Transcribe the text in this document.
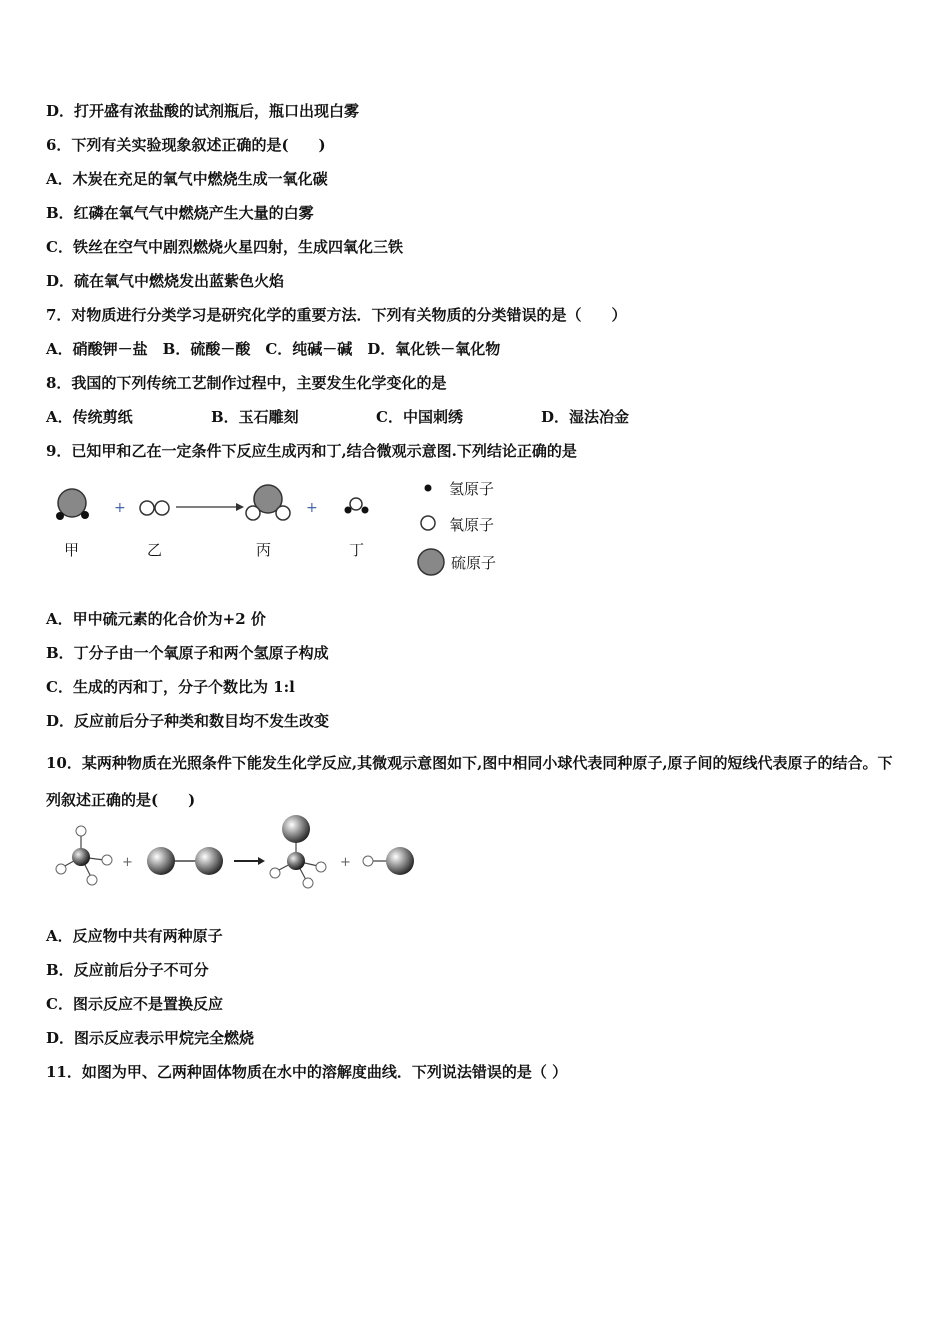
D．打开盛有浓盐酸的试剂瓶后，瓶口出现白雾
6．下列有关实验现象叙述正确的是(　　)
A．木炭在充足的氧气中燃烧生成一氧化碳
B．红磷在氧气气中燃烧产生大量的白雾
C．铁丝在空气中剧烈燃烧火星四射，生成四氧化三铁
D．硫在氧气中燃烧发出蓝紫色火焰
7．对物质进行分类学习是研究化学的重要方法．下列有关物质的分类错误的是（　　）
A．硝酸钾－盐　B．硫酸－酸　C．纯碱－碱　D．氧化铁－氧化物
8．我国的下列传统工艺制作过程中，主要发生化学变化的是
A．传统剪纸	B．玉石雕刻	C．中国刺绣	D．湿法冶金
9．已知甲和乙在一定条件下反应生成丙和丁,结合微观示意图.下列结论正确的是
+	+
甲	乙	丙	丁
氢原子
氧原子
硫原子
A．甲中硫元素的化合价为+2 价
B．丁分子由一个氧原子和两个氢原子构成
C．生成的丙和丁，分子个数比为 1:l
D．反应前后分子种类和数目均不发生改变
10．某两种物质在光照条件下能发生化学反应,其微观示意图如下,图中相同小球代表同种原子,原子间的短线代表原子的结合。下列叙述正确的是(　　)
+	+
A．反应物中共有两种原子
B．反应前后分子不可分
C．图示反应不是置换反应
D．图示反应表示甲烷完全燃烧
11．如图为甲、乙两种固体物质在水中的溶解度曲线．下列说法错误的是（ ）
